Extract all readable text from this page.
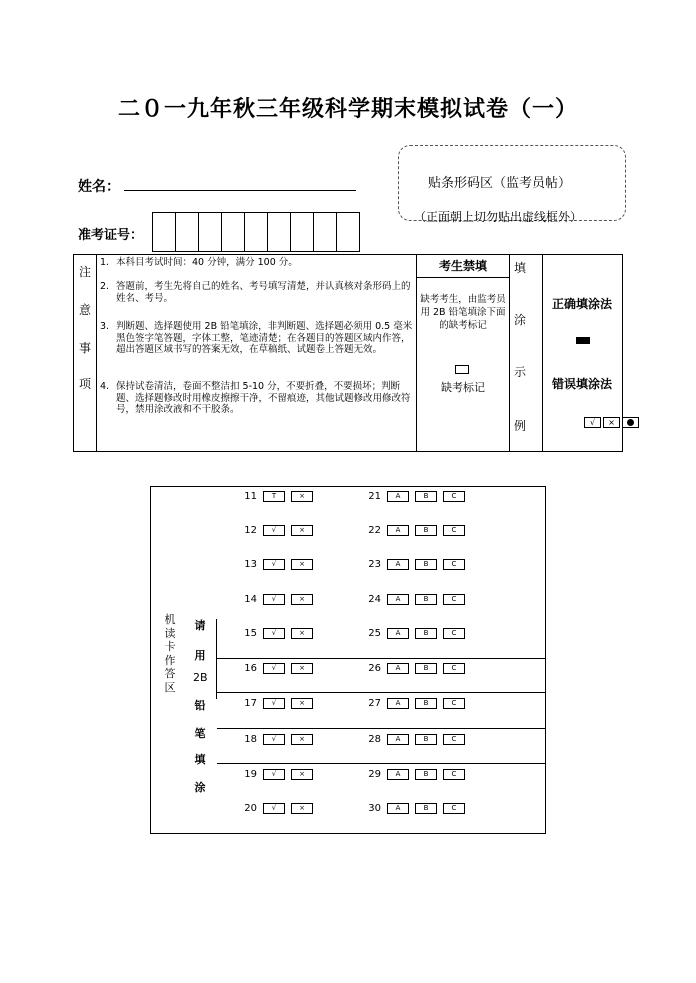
二０一九年秋三年级科学期末模拟试卷（一）
姓名：	贴条形码区（监考员帖）
（正面朝上切勿贴出虚线框外）
准考证号：
注
意
事
项
1. 本科目考试时间：40 分钟，满分 100 分。
2. 答题前，考生先将自己的姓名、考号填写清楚，并认真核对条形码上的姓名、考号。
3. 判断题、选择题使用 2B 铅笔填涂，非判断题、选择题必须用 0.5 毫米黑色签字笔答题，字体工整，笔迹清楚；在各题目的答题区域内作答，超出答题区域书写的答案无效，在草稿纸、试题卷上答题无效。
4. 保持试卷清洁，卷面不整洁扣 5-10 分，不要折叠，不要损坏；判断题、选择题修改时用橡皮擦擦干净，不留痕迹，其他试题修改用修改符号，禁用涂改液和不干胶条。
考生禁填
缺考考生，由监考员用 2B 铅笔填涂下面的缺考标记
缺考标记
填
涂
示
例
正确填涂法
错误填涂法
√	×
机读卡作答区
请
用
2B
铅
笔
填
涂
11	T	×
12	√	×
13	√	×
14	√	×
15	√	×
16	√	×
17	√	×
18	√	×
19	√	×
20	√	×
21	A	B	C
22	A	B	C
23	A	B	C
24	A	B	C
25	A	B	C
26	A	B	C
27	A	B	C
28	A	B	C
29	A	B	C
30	A	B	C
